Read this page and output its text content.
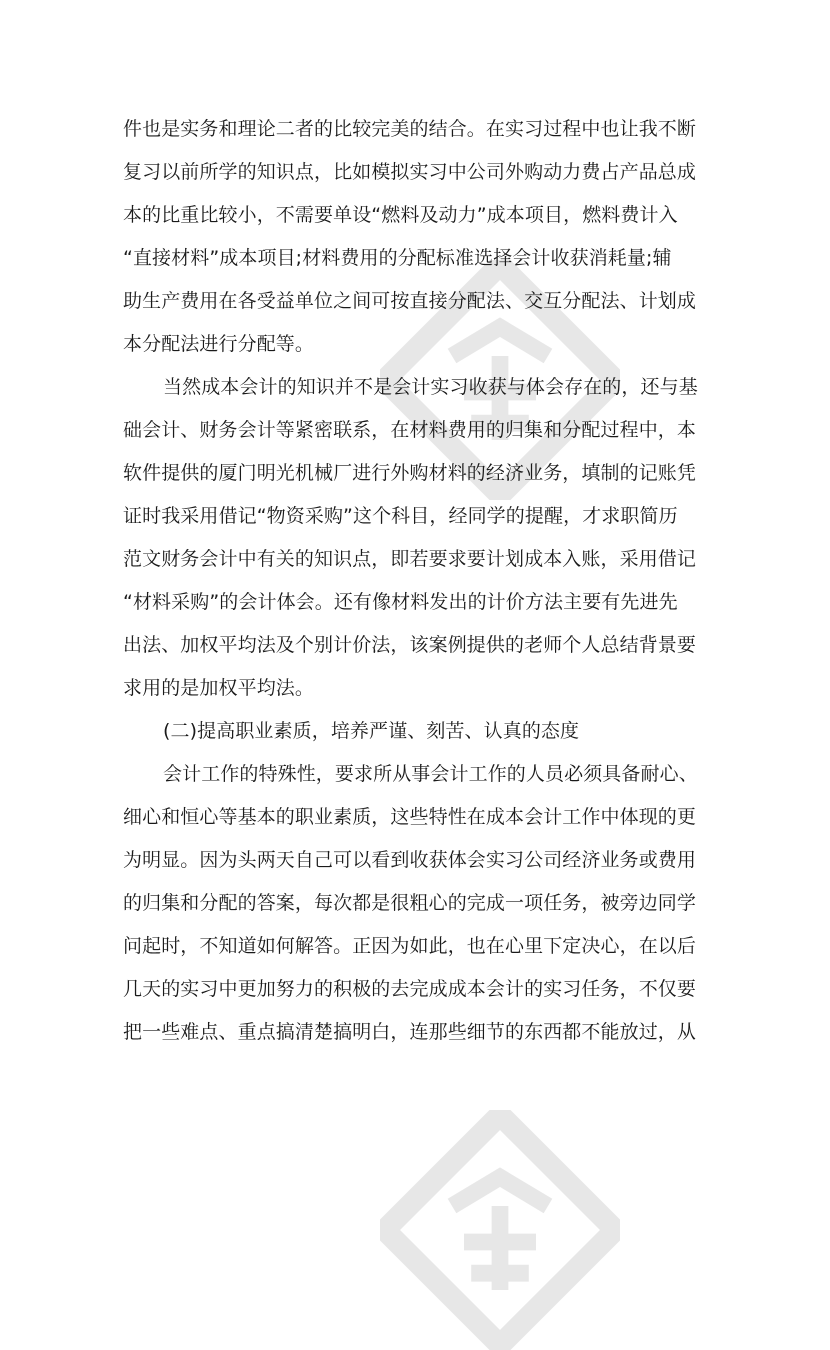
件也是实务和理论二者的比较完美的结合。在实习过程中也让我不断
复习以前所学的知识点，比如模拟实习中公司外购动力费占产品总成
本的比重比较小，不需要单设“燃料及动力”成本项目，燃料费计入
“直接材料”成本项目;材料费用的分配标准选择会计收获消耗量;辅
助生产费用在各受益单位之间可按直接分配法、交互分配法、计划成
本分配法进行分配等。
当然成本会计的知识并不是会计实习收获与体会存在的，还与基
础会计、财务会计等紧密联系，在材料费用的归集和分配过程中，本
软件提供的厦门明光机械厂进行外购材料的经济业务，填制的记账凭
证时我采用借记“物资采购”这个科目，经同学的提醒，才求职简历
范文财务会计中有关的知识点，即若要求要计划成本入账，采用借记
“材料采购”的会计体会。还有像材料发出的计价方法主要有先进先
出法、加权平均法及个别计价法，该案例提供的老师个人总结背景要
求用的是加权平均法。
(二)提高职业素质，培养严谨、刻苦、认真的态度
会计工作的特殊性，要求所从事会计工作的人员必须具备耐心、
细心和恒心等基本的职业素质，这些特性在成本会计工作中体现的更
为明显。因为头两天自己可以看到收获体会实习公司经济业务或费用
的归集和分配的答案，每次都是很粗心的完成一项任务，被旁边同学
问起时，不知道如何解答。正因为如此，也在心里下定决心，在以后
几天的实习中更加努力的积极的去完成成本会计的实习任务，不仅要
把一些难点、重点搞清楚搞明白，连那些细节的东西都不能放过，从
